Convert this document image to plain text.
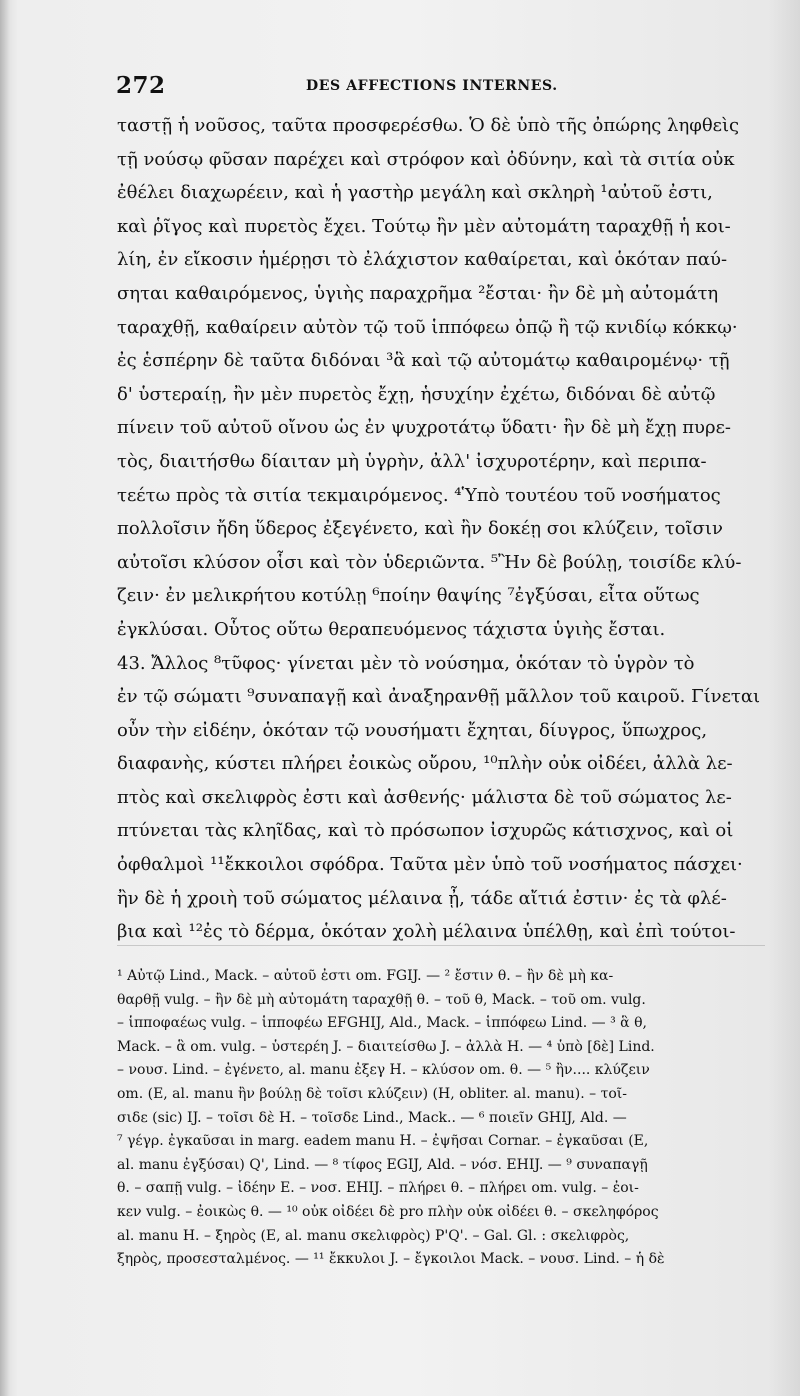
272	DES AFFECTIONS INTERNES.
ταστῇ ἡ νοῦσος, ταῦτα προσφερέσθω. Ὁ δὲ ὑπὸ τῆς ὀπώρης ληφθεὶς
τῇ νούσῳ φῦσαν παρέχει καὶ στρόφον καὶ ὀδύνην, καὶ τὰ σιτία οὐκ
ἐθέλει διαχωρέειν, καὶ ἡ γαστὴρ μεγάλη καὶ σκληρὴ ¹αὐτοῦ ἐστι,
καὶ ῥῖγος καὶ πυρετὸς ἔχει. Τούτῳ ἢν μὲν αὐτομάτη ταραχθῇ ἡ κοι-
λίη, ἐν εἴκοσιν ἡμέρῃσι τὸ ἐλάχιστον καθαίρεται, καὶ ὁκόταν παύ-
σηται καθαιρόμενος, ὑγιὴς παραχρῆμα ²ἔσται· ἢν δὲ μὴ αὐτομάτη
ταραχθῇ, καθαίρειν αὐτὸν τῷ τοῦ ἱππόφεω ὀπῷ ἢ τῷ κνιδίῳ κόκκῳ·
ἐς ἑσπέρην δὲ ταῦτα διδόναι ³ἃ καὶ τῷ αὐτομάτῳ καθαιρομένῳ· τῇ
δ' ὑστεραίῃ, ἢν μὲν πυρετὸς ἔχῃ, ἡσυχίην ἐχέτω, διδόναι δὲ αὐτῷ
πίνειν τοῦ αὐτοῦ οἴνου ὡς ἐν ψυχροτάτῳ ὕδατι· ἢν δὲ μὴ ἔχῃ πυρε-
τὸς, διαιτήσθω δίαιταν μὴ ὑγρὴν, ἀλλ' ἰσχυροτέρην, καὶ περιπα-
τεέτω πρὸς τὰ σιτία τεκμαιρόμενος. ⁴Ὑπὸ τουτέου τοῦ νοσήματος
πολλοῖσιν ἤδη ὕδερος ἐξεγένετο, καὶ ἢν δοκέῃ σοι κλύζειν, τοῖσιν
αὐτοῖσι κλύσον οἷσι καὶ τὸν ὑδεριῶντα. ⁵Ἢν δὲ βούλῃ, τοισίδε κλύ-
ζειν· ἐν μελικρήτου κοτύλῃ ⁶ποίην θαψίης ⁷ἐγξύσαι, εἶτα οὕτως
ἐγκλύσαι. Οὗτος οὕτω θεραπευόμενος τάχιστα ὑγιὴς ἔσται.
43. Ἄλλος ⁸τῦφος· γίνεται μὲν τὸ νούσημα, ὁκόταν τὸ ὑγρὸν τὸ
ἐν τῷ σώματι ⁹συναπαγῇ καὶ ἀναξηρανθῇ μᾶλλον τοῦ καιροῦ. Γίνεται
οὖν τὴν εἰδέην, ὁκόταν τῷ νουσήματι ἔχηται, δίυγρος, ὕπωχρος,
διαφανὴς, κύστει πλήρει ἐοικὼς οὔρου, ¹⁰πλὴν οὐκ οἰδέει, ἀλλὰ λε-
πτὸς καὶ σκελιφρὸς ἐστι καὶ ἀσθενής· μάλιστα δὲ τοῦ σώματος λε-
πτύνεται τὰς κληῖδας, καὶ τὸ πρόσωπον ἰσχυρῶς κάτισχνος, καὶ οἱ
ὀφθαλμοὶ ¹¹ἔκκοιλοι σφόδρα. Ταῦτα μὲν ὑπὸ τοῦ νοσήματος πάσχει·
ἢν δὲ ἡ χροιὴ τοῦ σώματος μέλαινα ᾖ, τάδε αἴτιά ἐστιν· ἐς τὰ φλέ-
βια καὶ ¹²ἐς τὸ δέρμα, ὁκόταν χολὴ μέλαινα ὑπέλθῃ, καὶ ἐπὶ τούτοι-
¹ Αὐτῷ Lind., Mack. – αὐτοῦ ἐστι om. FGIJ. — ² ἔστιν θ. – ἢν δὲ μὴ κα-
θαρθῇ vulg. – ἢν δὲ μὴ αὐτομάτη ταραχθῇ θ. – τοῦ θ, Mack. – τοῦ om. vulg.
– ἱπποφαέως vulg. – ἱπποφέω EFGHIJ, Ald., Mack. – ἱππόφεω Lind. — ³ ἃ θ,
Mack. – ἃ om. vulg. – ὑστερέη J. – διαιτείσθω J. – ἀλλὰ H. — ⁴ ὑπὸ [δὲ] Lind.
– νουσ. Lind. – ἐγένετο, al. manu ἐξεγ H. – κλύσον om. θ. — ⁵ ἢν.... κλύζειν
om. (E, al. manu ἢν βούλῃ δὲ τοῖσι κλύζειν) (H, obliter. al. manu). – τοῖ-
σιδε (sic) IJ. – τοῖσι δὲ H. – τοῖσδε Lind., Mack.. — ⁶ ποιεῖν GHIJ, Ald. —
⁷ γέγρ. ἐγκαῦσαι in marg. eadem manu H. – ἐψῆσαι Cornar. – ἐγκαῦσαι (E,
al. manu ἐγξύσαι) Q', Lind. — ⁸ τίφος EGIJ, Ald. – νόσ. EHIJ. — ⁹ συναπαγῇ
θ. – σαπῇ vulg. – ἰδέην E. – νοσ. EHIJ. – πλήρει θ. – πλήρει om. vulg. – ἐοι-
κεν vulg. – ἐοικὼς θ. — ¹⁰ οὐκ οἰδέει δὲ pro πλὴν οὐκ οἰδέει θ. – σκεληφόρος
al. manu H. – ξηρὸς (E, al. manu σκελιφρὸς) P'Q'. – Gal. Gl. : σκελιφρὸς,
ξηρὸς, προσεσταλμένος. — ¹¹ ἔκκυλοι J. – ἔγκοιλοι Mack. – νουσ. Lind. – ἡ δὲ
